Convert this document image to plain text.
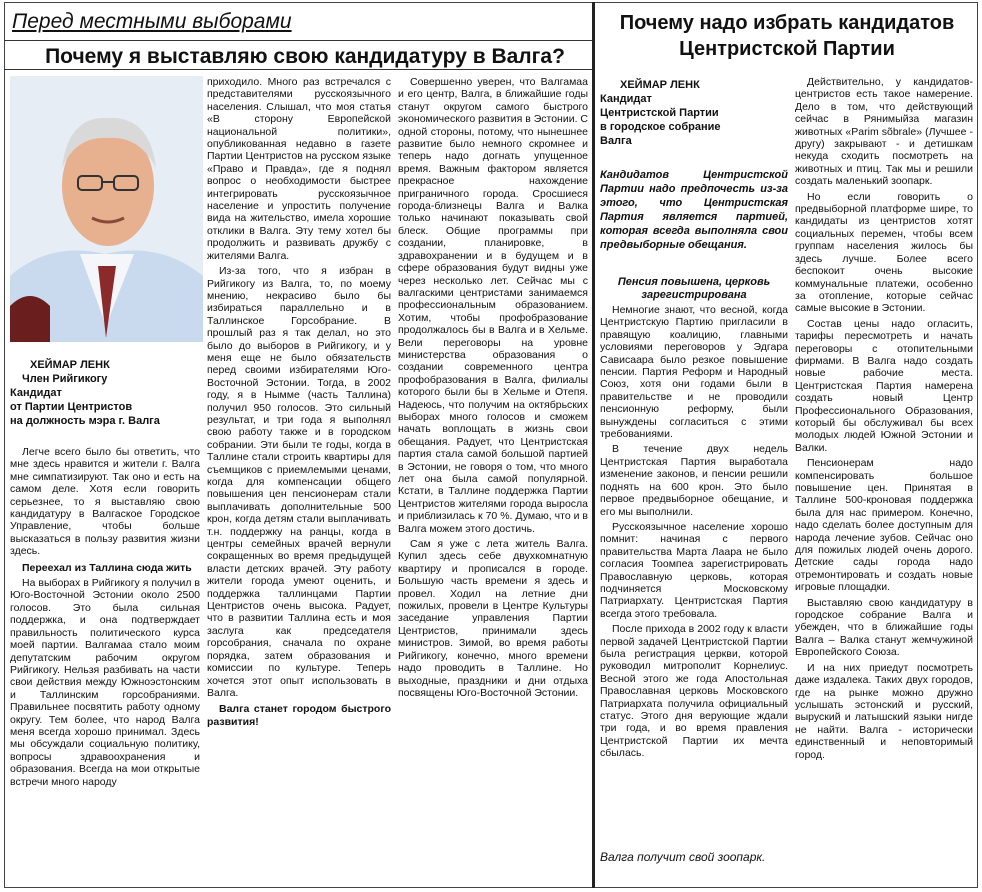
Перед местными выборами
Почему я выставляю свою кандидатуру в Валга?
ХЕЙМАР ЛЕНК
Член Рийгикогу
Кандидат
от Партии Центристов
на должность мэра г. Валга

Легче всего было бы ответить, что мне здесь нравится и жители г. Валга мне симпатизируют. Так оно и есть на самом деле. Хотя если говорить серьезнее, то я выставляю свою кандидатуру в Валгаское Городское Управление, чтобы больше высказаться в пользу развития жизни здесь.

Переехал из Таллина сюда жить

На выборах в Рийгикогу я получил в Юго-Восточной Эстонии около 2500 голосов. Это была сильная поддержка, и она подтверждает правильность политического курса моей партии. Валгамаа стало моим депутатским рабочим округом Рийгикогу. Нельзя разбивать на части свои действия между Южноэстонским и Таллинским горсобраниями. Правильнее посвятить работу одному округу. Тем более, что народ Валга меня всегда хорошо принимал. Здесь мы обсуждали социальную политику, вопросы здравоохранения и образования. Всегда на мои открытые встречи много народу

приходило. Много раз встречался с представителями русскоязычного населения. Слышал, что моя статья «В сторону Европейской национальной политики», опубликованная недавно в газете Партии Центристов на русском языке «Право и Правда», где я поднял вопрос о необходимости быстрее интегрировать русскоязычное население и упростить получение вида на жительство, имела хорошие отклики в Валга. Эту тему хотел бы продолжить и развивать дружбу с жителями Валга.

Из-за того, что я избран в Рийгикогу из Валга, то, по моему мнению, некрасиво было бы избираться параллельно и в Таллинское Горсобрание. В прошлый раз я так делал, но это было до выборов в Рийгикогу, и у меня еще не было обязательств перед своими избирателями Юго-Восточной Эстонии. Тогда, в 2002 году, я в Нымме (часть Таллина) получил 950 голосов. Это сильный результат, и три года я выполнял свою работу также и в городском собрании. Эти были те годы, когда в Таллине стали строить квартиры для съемщиков с приемлемыми ценами, когда для компенсации общего повышения цен пенсионерам стали выплачивать дополнительные 500 крон, когда детям стали выплачивать т.н. поддержку на ранцы, когда в центры семейных врачей вернули сокращенных во время предыдущей власти детских врачей. Эту работу жители города умеют оценить, и поддержка таллинцами Партии Центристов очень высока. Радует, что в развитии Таллина есть и моя заслуга как председателя горсобрания, сначала по охране порядка, затем образования и комиссии по культуре. Теперь хочется этот опыт использовать в Валга.

Валга станет городом быстрого развития!

Совершенно уверен, что Валгамаа и его центр, Валга, в ближайшие годы станут округом самого быстрого экономического развития в Эстонии. С одной стороны, потому, что нынешнее развитие было немного скромнее и теперь надо догнать упущенное время. Важным фактором является прекрасное нахождение приграничного города. Сросшиеся города-близнецы Валга и Валка только начинают показывать свой блеск. Общие программы при создании, планировке, в здравохранении и в будущем и в сфере образования будут видны уже через несколько лет. Сейчас мы с валгаскими центристами занимаемся профессиональным образованием. Хотим, чтобы профобразование продолжалось бы в Валга и в Хельме. Вели переговоры на уровне министерства образования о создании современного центра профобразования в Валга, филиалы которого были бы в Хельме и Отепя. Надеюсь, что получим на октябрьских выборах много голосов и сможем начать воплощать в жизнь свои обещания. Радует, что Центристская партия стала самой большой партией в Эстонии, не говоря о том, что много лет она была самой популярной. Кстати, в Таллине поддержка Партии Центристов жителями города выросла и приблизилась к 70 %. Думаю, что и в Валга можем этого достичь.

Сам я уже с лета житель Валга. Купил здесь себе двухкомнатную квартиру и прописался в городе. Большую часть времени я здесь и провел. Ходил на летние дни пожилых, провели в Центре Культуры заседание управления Партии Центристов, принимали здесь министров. Зимой, во время работы Рийгикогу, конечно, много времени надо проводить в Таллине. Но выходные, праздники и дни отдыха посвящены Юго-Восточной Эстонии.

Почему надо избрать кандидатов Центристской Партии
ХЕЙМАР ЛЕНК
Кандидат
Центристской Партии
в городское собрание
Валга
Кандидатов Центристской Партии надо предпочесть из-за этого, что Центристская Партия является партией, которая всегда выполняла свои предвыборные обещания.
Пенсия повышена, церковь зарегистрирована

Немногие знают, что весной, когда Центристскую Партию пригласили в правящую коалицию, главными условиями переговоров у Эдгара Сависаара было резкое повышение пенсии. Партия Реформ и Народный Союз, хотя они годами были в правительстве и не проводили пенсионную реформу, были вынуждены согласиться с этими требованиями.

В течение двух недель Центристская Партия выработала изменение законов, и пенсии решили поднять на 600 крон. Это было первое предвыборное обещание, и его мы выполнили.

Русскоязычное население хорошо помнит: начиная с первого правительства Марта Лаара не было согласия Тоомпеа зарегистрировать Православную церковь, которая подчиняется Московскому Патриархату. Центристская Партия всегда этого требовала.

После прихода в 2002 году к власти первой задачей Центристской Партии была регистрация церкви, которой руководил митрополит Корнелиус. Весной этого же года Апостольная Православная церковь Московского Патриархата получила официальный статус. Этого дня верующие ждали три года, и во время правления Центристской Партии их мечта сбылась.

Валга получит свой зоопарк.

Действительно, у кандидатов-центристов есть такое намерение. Дело в том, что действующий сейчас в Рянимыйза магазин животных «Parim sõbrale» (Лучшее - другу) закрывают - и детишкам некуда сходить посмотреть на животных и птиц. Так мы и решили создать маленький зоопарк.

Но если говорить о предвыборной платформе шире, то кандидаты из центристов хотят социальных перемен, чтобы всем группам населения жилось бы здесь лучше. Более всего беспокоит очень высокие коммунальные платежи, особенно за отопление, которые сейчас самые высокие в Эстонии.

Состав цены надо огласить, тарифы пересмотреть и начать переговоры с отопительными фирмами. В Валга надо создать новые рабочие места. Центристская Партия намерена создать новый Центр Профессионального Образования, который бы обслуживал бы всех молодых людей Южной Эстонии и Валки.

Пенсионерам надо компенсировать большое повышение цен. Принятая в Таллине 500-кроновая поддержка была для нас примером. Конечно, надо сделать более доступным для народа лечение зубов. Сейчас оно для пожилых людей очень дорого. Детские сады города надо отремонтировать и создать новые игровые площадки.

Выставляю свою кандидатуру в городское собрание Валга и убежден, что в ближайшие годы Валга – Валка станут жемчужиной Европейского Союза.

И на них приедут посмотреть даже издалека. Таких двух городов, где на рынке можно дружно услышать эстонский и русский, выруский и латышский языки нигде не найти. Валга - исторически единственный и неповторимый город.
